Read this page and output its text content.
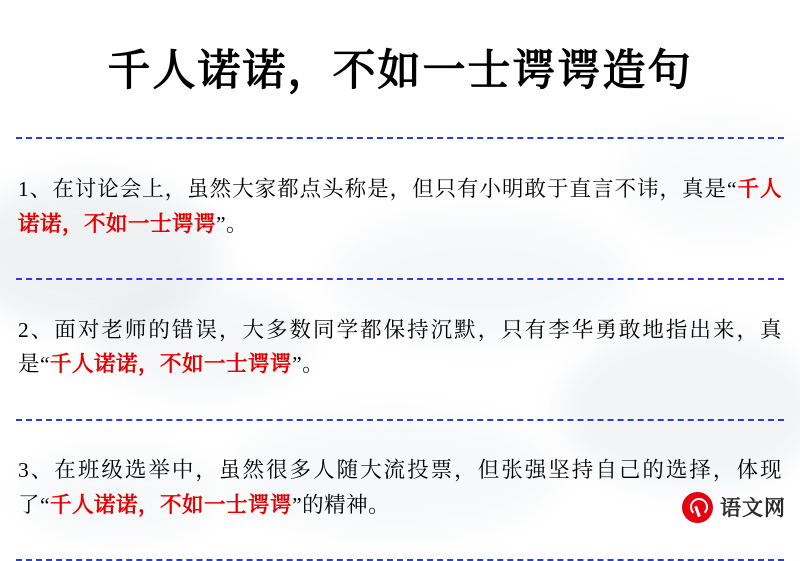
千人诺诺，不如一士谔谔造句

1、在讨论会上，虽然大家都点头称是，但只有小明敢于直言不讳，真是“千人诺诺，不如一士谔谔”。

2、面对老师的错误，大多数同学都保持沉默，只有李华勇敢地指出来，真是“千人诺诺，不如一士谔谔”。

3、在班级选举中，虽然很多人随大流投票，但张强坚持自己的选择，体现了“千人诺诺，不如一士谔谔”的精神。	语文网
